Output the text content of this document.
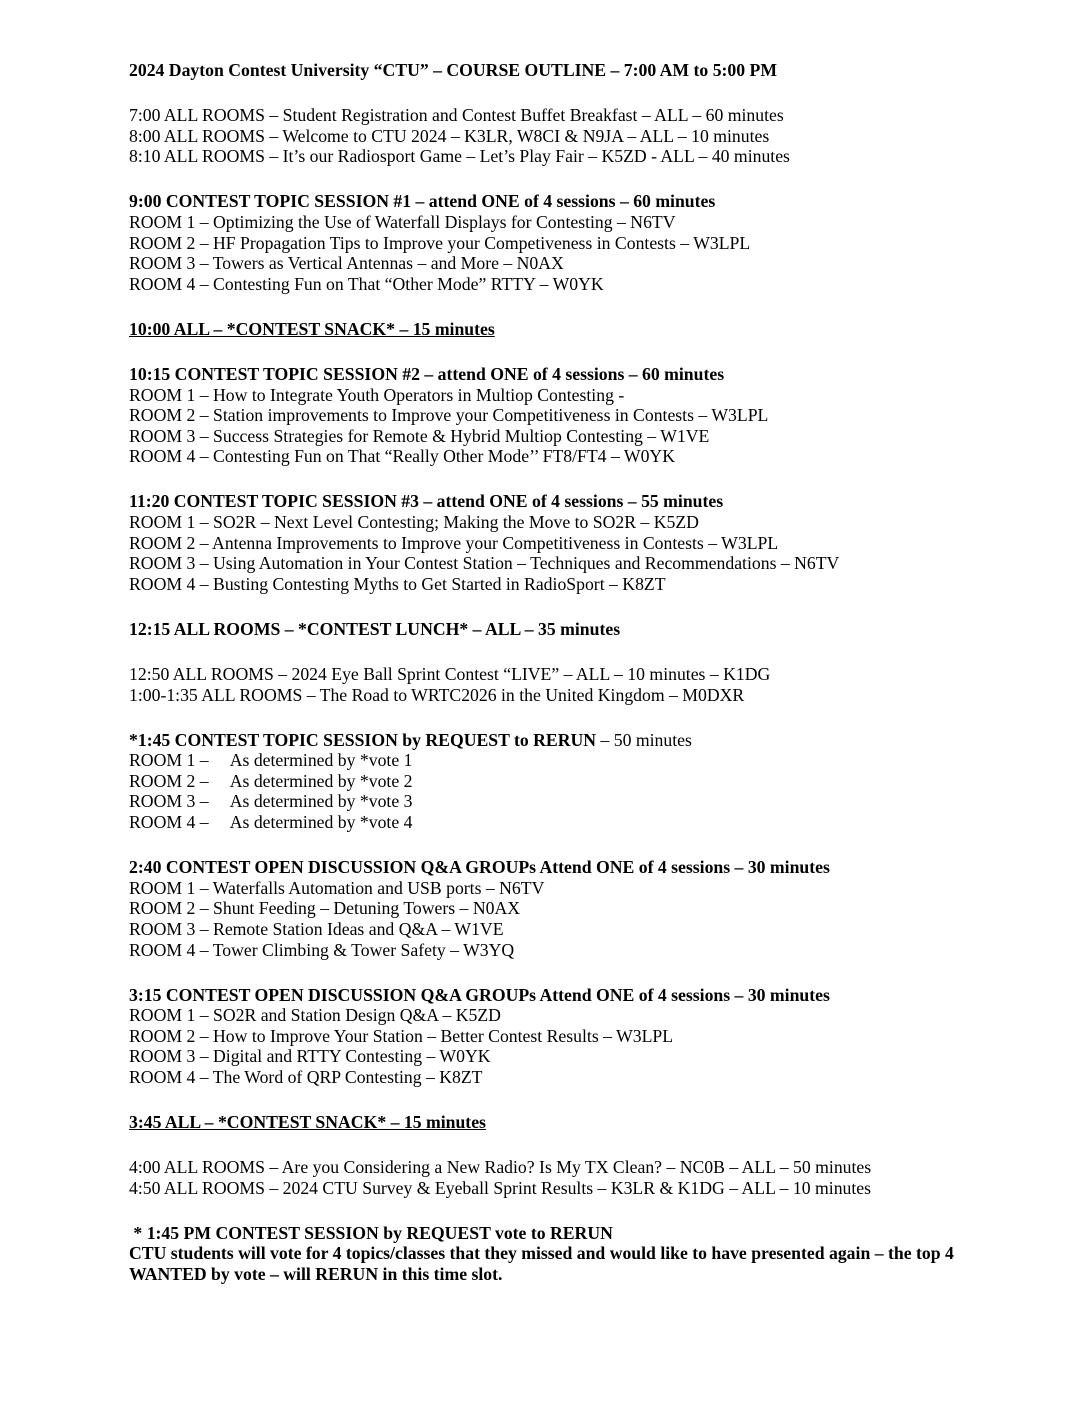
2024 Dayton Contest University “CTU” – COURSE OUTLINE – 7:00 AM to 5:00 PM

7:00 ALL ROOMS – Student Registration and Contest Buffet Breakfast – ALL – 60 minutes

8:00 ALL ROOMS – Welcome to CTU 2024 – K3LR, W8CI & N9JA – ALL – 10 minutes

8:10 ALL ROOMS – It’s our Radiosport Game – Let’s Play Fair – K5ZD - ALL – 40 minutes

9:00 CONTEST TOPIC SESSION #1 – attend ONE of 4 sessions – 60 minutes

ROOM 1 – Optimizing the Use of Waterfall Displays for Contesting – N6TV

ROOM 2 – HF Propagation Tips to Improve your Competiveness in Contests – W3LPL

ROOM 3 – Towers as Vertical Antennas – and More – N0AX

ROOM 4 – Contesting Fun on That “Other Mode” RTTY – W0YK

10:00 ALL – *CONTEST SNACK* – 15 minutes

10:15 CONTEST TOPIC SESSION #2 – attend ONE of 4 sessions – 60 minutes

ROOM 1 – How to Integrate Youth Operators in Multiop Contesting -

ROOM 2 – Station improvements to Improve your Competitiveness in Contests – W3LPL

ROOM 3 – Success Strategies for Remote & Hybrid Multiop Contesting – W1VE

ROOM 4 – Contesting Fun on That “Really Other Mode’’ FT8/FT4 – W0YK

11:20 CONTEST TOPIC SESSION #3 – attend ONE of 4 sessions – 55 minutes

ROOM 1 – SO2R – Next Level Contesting; Making the Move to SO2R – K5ZD

ROOM 2 – Antenna Improvements to Improve your Competitiveness in Contests – W3LPL

ROOM 3 – Using Automation in Your Contest Station – Techniques and Recommendations – N6TV

ROOM 4 – Busting Contesting Myths to Get Started in RadioSport – K8ZT

12:15 ALL ROOMS – *CONTEST LUNCH* – ALL – 35 minutes

12:50 ALL ROOMS – 2024 Eye Ball Sprint Contest “LIVE” – ALL – 10 minutes – K1DG

1:00-1:35 ALL ROOMS – The Road to WRTC2026 in the United Kingdom – M0DXR

*1:45 CONTEST TOPIC SESSION by REQUEST to RERUN – 50 minutes

ROOM 1 –     As determined by *vote 1

ROOM 2 –     As determined by *vote 2

ROOM 3 –     As determined by *vote 3

ROOM 4 –     As determined by *vote 4

2:40 CONTEST OPEN DISCUSSION Q&A GROUPs Attend ONE of 4 sessions – 30 minutes

ROOM 1 – Waterfalls Automation and USB ports – N6TV

ROOM 2 – Shunt Feeding – Detuning Towers – N0AX

ROOM 3 – Remote Station Ideas and Q&A – W1VE

ROOM 4 – Tower Climbing & Tower Safety – W3YQ

3:15 CONTEST OPEN DISCUSSION Q&A GROUPs Attend ONE of 4 sessions – 30 minutes

ROOM 1 – SO2R and Station Design Q&A – K5ZD

ROOM 2 – How to Improve Your Station – Better Contest Results – W3LPL

ROOM 3 – Digital and RTTY Contesting – W0YK

ROOM 4 – The Word of QRP Contesting – K8ZT

3:45 ALL – *CONTEST SNACK* – 15 minutes

4:00 ALL ROOMS – Are you Considering a New Radio? Is My TX Clean? – NC0B – ALL – 50 minutes

4:50 ALL ROOMS – 2024 CTU Survey & Eyeball Sprint Results – K3LR & K1DG – ALL – 10 minutes

* 1:45 PM CONTEST SESSION by REQUEST vote to RERUN

CTU students will vote for 4 topics/classes that they missed and would like to have presented again – the top 4

WANTED by vote – will RERUN in this time slot.
